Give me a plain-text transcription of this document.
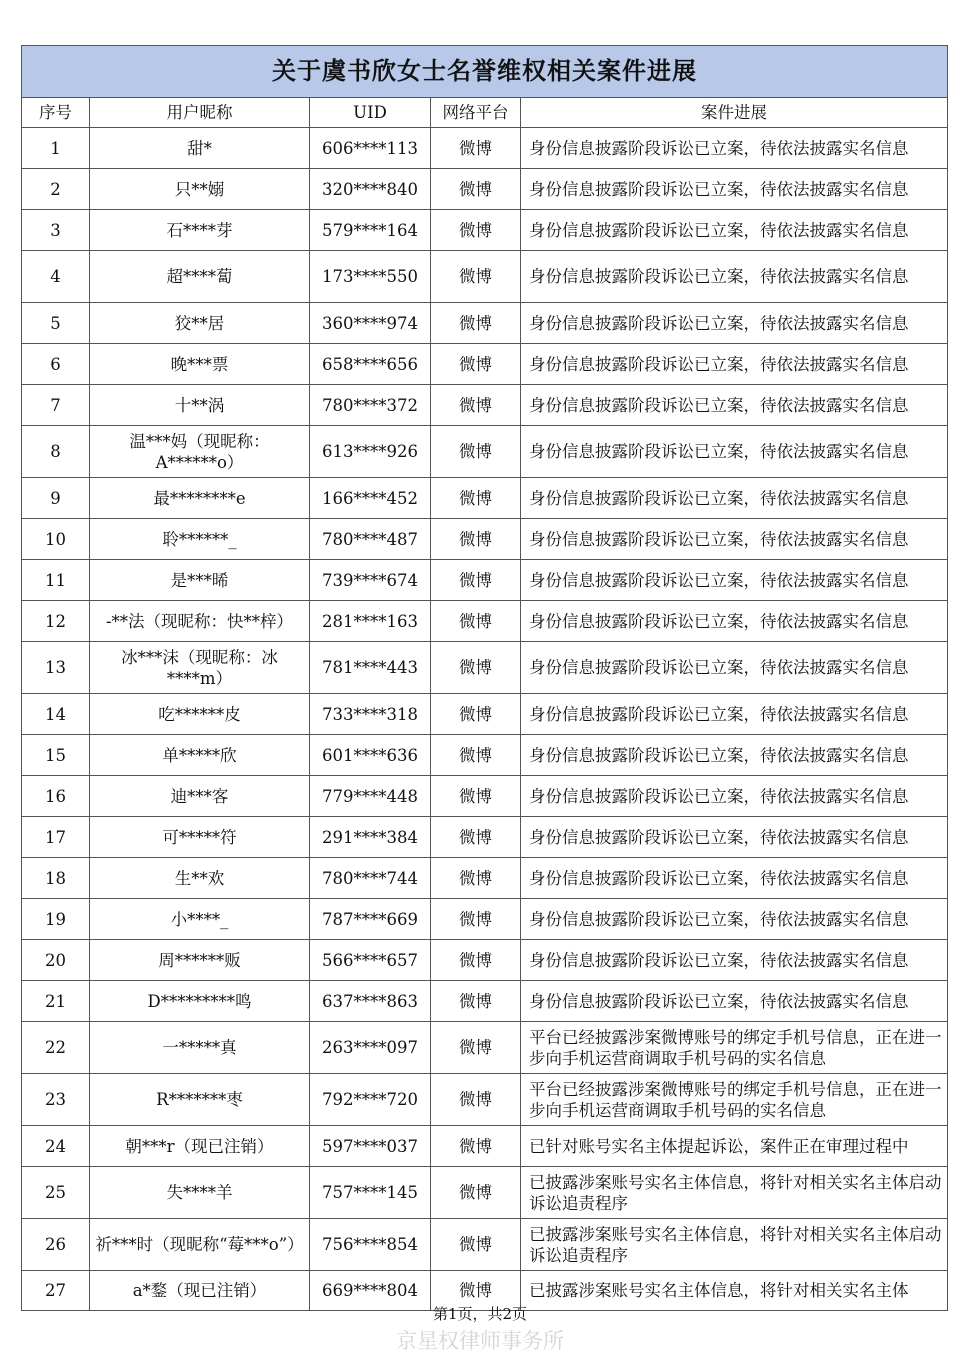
关于虞书欣女士名誉维权相关案件进展				
序号	用户昵称	UID	网络平台	案件进展
1	甜*	606****113	微博	身份信息披露阶段诉讼已立案，待依法披露实名信息
2	只**嫋	320****840	微博	身份信息披露阶段诉讼已立案，待依法披露实名信息
3	石****芽	579****164	微博	身份信息披露阶段诉讼已立案，待依法披露实名信息
4	超****蔔	173****550	微博	身份信息披露阶段诉讼已立案，待依法披露实名信息
5	狡**居	360****974	微博	身份信息披露阶段诉讼已立案，待依法披露实名信息
6	晚***票	658****656	微博	身份信息披露阶段诉讼已立案，待依法披露实名信息
7	十**涡	780****372	微博	身份信息披露阶段诉讼已立案，待依法披露实名信息
8	温***妈（现昵称：A******o）	613****926	微博	身份信息披露阶段诉讼已立案，待依法披露实名信息
9	最********e	166****452	微博	身份信息披露阶段诉讼已立案，待依法披露实名信息
10	聆******_	780****487	微博	身份信息披露阶段诉讼已立案，待依法披露实名信息
11	是***晞	739****674	微博	身份信息披露阶段诉讼已立案，待依法披露实名信息
12	-**法（现昵称：快**梓）	281****163	微博	身份信息披露阶段诉讼已立案，待依法披露实名信息
13	冰***沫（现昵称：冰****m）	781****443	微博	身份信息披露阶段诉讼已立案，待依法披露实名信息
14	吃******皮	733****318	微博	身份信息披露阶段诉讼已立案，待依法披露实名信息
15	单*****欣	601****636	微博	身份信息披露阶段诉讼已立案，待依法披露实名信息
16	迪***客	779****448	微博	身份信息披露阶段诉讼已立案，待依法披露实名信息
17	可*****符	291****384	微博	身份信息披露阶段诉讼已立案，待依法披露实名信息
18	生**欢	780****744	微博	身份信息披露阶段诉讼已立案，待依法披露实名信息
19	小****_	787****669	微博	身份信息披露阶段诉讼已立案，待依法披露实名信息
20	周******贩	566****657	微博	身份信息披露阶段诉讼已立案，待依法披露实名信息
21	D*********鸣	637****863	微博	身份信息披露阶段诉讼已立案，待依法披露实名信息
22	一*****真	263****097	微博	平台已经披露涉案微博账号的绑定手机号信息，正在进一步向手机运营商调取手机号码的实名信息
23	R*******枣	792****720	微博	平台已经披露涉案微博账号的绑定手机号信息，正在进一步向手机运营商调取手机号码的实名信息
24	朝***r（现已注销）	597****037	微博	已针对账号实名主体提起诉讼，案件正在审理过程中
25	失****羊	757****145	微博	已披露涉案账号实名主体信息，将针对相关实名主体启动诉讼追责程序
26	祈***时（现昵称“莓***o”）	756****854	微博	已披露涉案账号实名主体信息，将针对相关实名主体启动诉讼追责程序
27	a*鍪（现已注销）	669****804	微博	已披露涉案账号实名主体信息，将针对相关实名主体
第1页，共2页
京星权律师事务所
